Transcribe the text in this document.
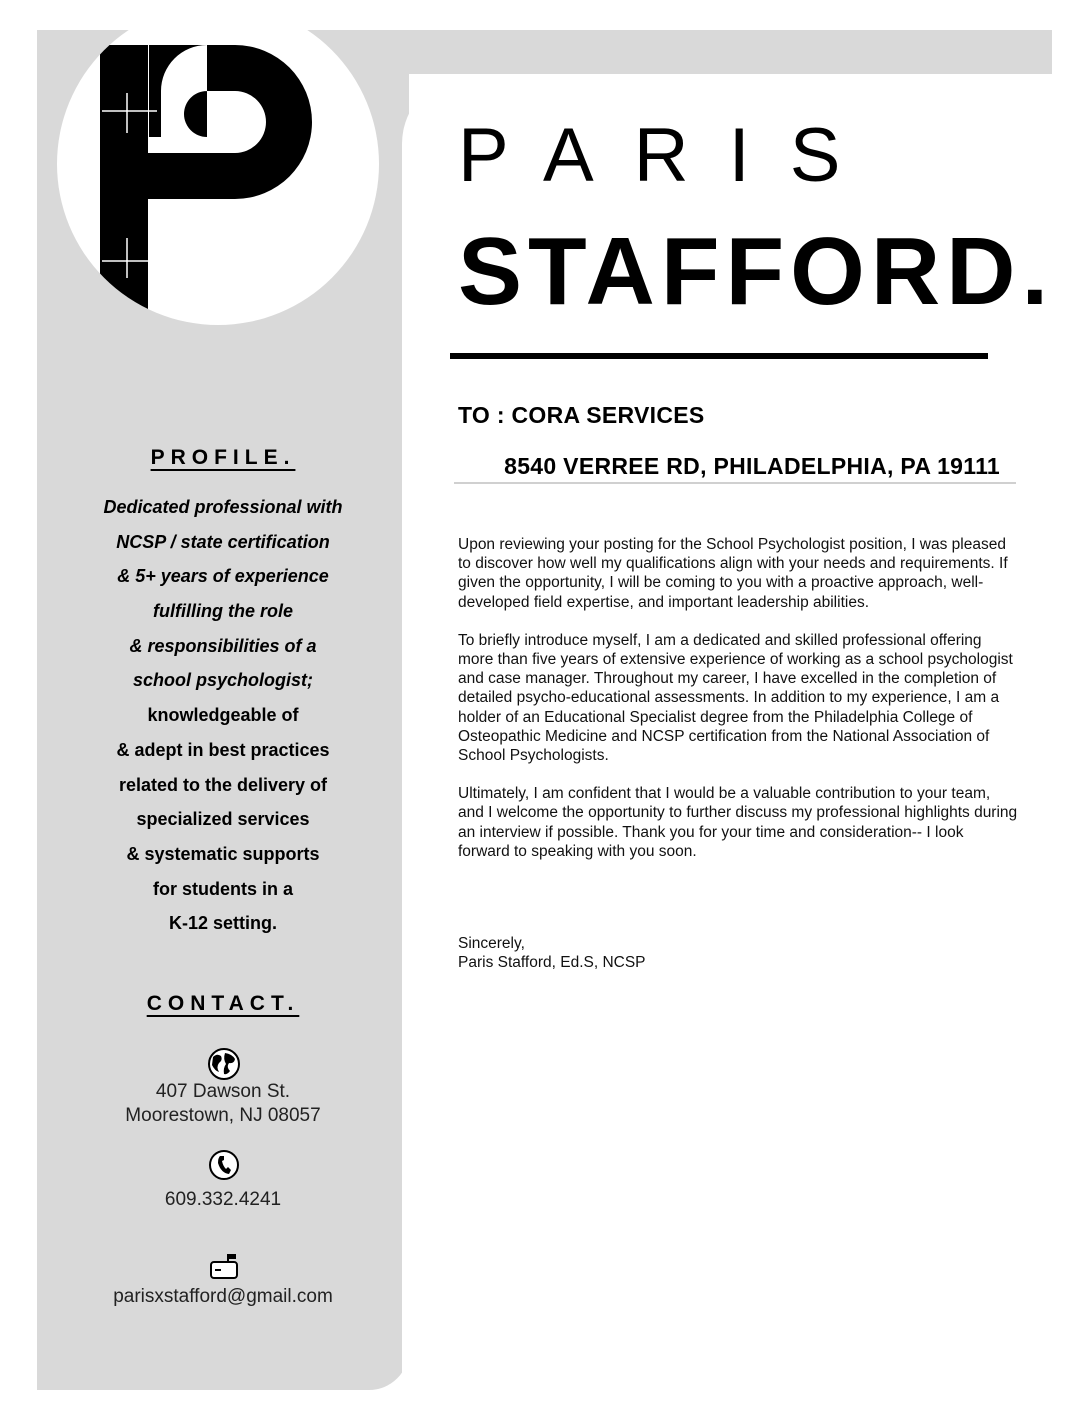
PARIS
STAFFORD.
TO : CORA SERVICES
8540 VERREE RD, PHILADELPHIA, PA 19111

Upon reviewing your posting for the School Psychologist position, I was pleased to discover how well my qualifications align with your needs and requirements. If given the opportunity, I will be coming to you with a proactive approach, well-developed field expertise, and important leadership abilities.

To briefly introduce myself, I am a dedicated and skilled professional offering more than five years of extensive experience of working as a school psychologist and case manager. Throughout my career, I have excelled in the completion of detailed psycho-educational assessments. In addition to my experience, I am a holder of an Educational Specialist degree from the Philadelphia College of Osteopathic Medicine and NCSP certification from the National Association of School Psychologists.

Ultimately, I am confident that I would be a valuable contribution to your team, and I welcome the opportunity to further discuss my professional highlights during an interview if possible. Thank you for your time and consideration-- I look forward to speaking with you soon.

Sincerely,
Paris Stafford, Ed.S, NCSP
PROFILE.
Dedicated professional with
NCSP / state certification
& 5+ years of experience
fulfilling the role
& responsibilities of a
school psychologist;
knowledgeable of
& adept in best practices
related to the delivery of
specialized services
& systematic supports
for students in a
K-12 setting.
CONTACT.
407 Dawson St.
Moorestown, NJ 08057
609.332.4241
parisxstafford@gmail.com
